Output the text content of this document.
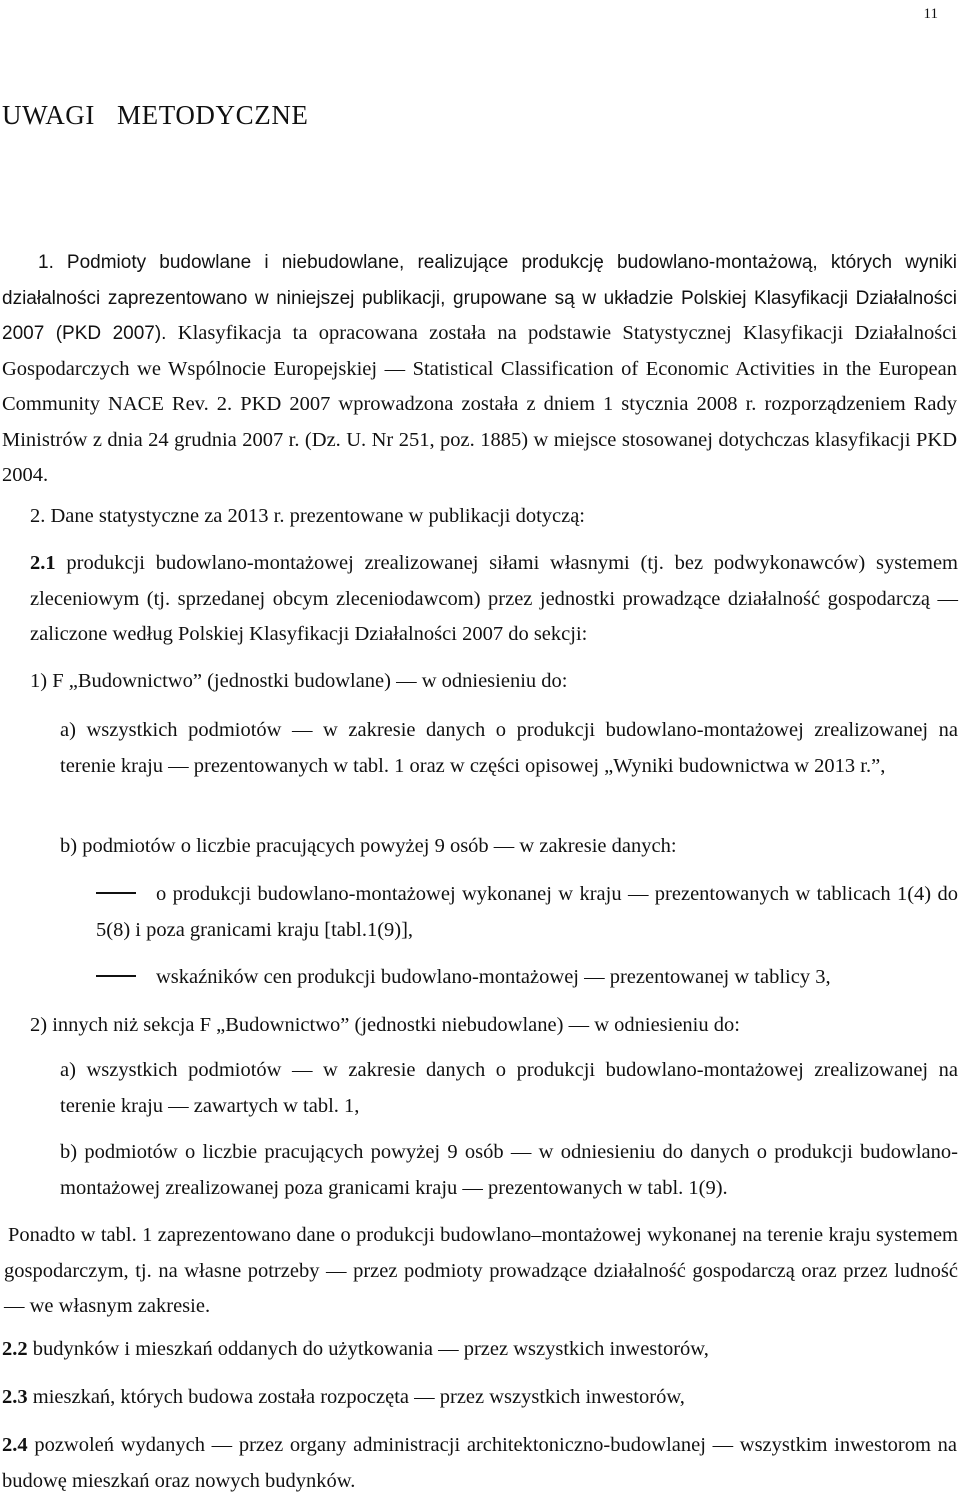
11
UWAGI   METODYCZNE
1. Podmioty budowlane i niebudowlane, realizujące produkcję budowlano-montażową, których wyniki działalności zaprezentowano w niniejszej publikacji, grupowane są w układzie Polskiej Klasyfikacji Działalności 2007 (PKD 2007). Klasyfikacja ta opracowana została na podstawie Statystycznej Klasyfikacji Działalności Gospodarczych we Wspólnocie Europejskiej — Statistical Classification of Economic Activities in the European Community NACE Rev. 2. PKD 2007 wprowadzona została z dniem 1 stycznia 2008 r. rozporządzeniem Rady Ministrów z dnia 24 grudnia 2007 r. (Dz. U. Nr 251, poz. 1885) w miejsce stosowanej dotychczas klasyfikacji PKD 2004.
2. Dane statystyczne za 2013 r. prezentowane w publikacji dotyczą:
2.1 produkcji budowlano-montażowej zrealizowanej siłami własnymi (tj. bez podwykonawców) systemem zleceniowym (tj. sprzedanej obcym zleceniodawcom) przez jednostki prowadzące działalność gospodarczą — zaliczone według Polskiej Klasyfikacji Działalności 2007 do sekcji:
1) F „Budownictwo” (jednostki budowlane) — w odniesieniu do:
a) wszystkich podmiotów — w zakresie danych o produkcji budowlano-montażowej zrealizowanej na terenie kraju — prezentowanych w tabl. 1 oraz w części opisowej „Wyniki budownictwa w 2013 r.”,
b) podmiotów o liczbie pracujących powyżej 9 osób — w zakresie danych:
o produkcji budowlano-montażowej wykonanej w kraju — prezentowanych w tablicach 1(4) do 5(8) i poza granicami kraju [tabl.1(9)],
wskaźników cen produkcji budowlano-montażowej — prezentowanej w tablicy 3,
2) innych niż sekcja F „Budownictwo” (jednostki niebudowlane) — w odniesieniu do:
a) wszystkich podmiotów — w zakresie danych o produkcji budowlano-montażowej zrealizowanej na terenie kraju — zawartych w tabl. 1,
b) podmiotów o liczbie pracujących powyżej 9 osób — w odniesieniu do danych o produkcji budowlano-montażowej zrealizowanej poza granicami kraju — prezentowanych w tabl. 1(9).
Ponadto w tabl. 1 zaprezentowano dane o produkcji budowlano–montażowej wykonanej na terenie kraju systemem gospodarczym, tj. na własne potrzeby — przez podmioty prowadzące działalność gospodarczą oraz przez ludność — we własnym zakresie.
2.2 budynków i mieszkań oddanych do użytkowania — przez wszystkich inwestorów,
2.3 mieszkań, których budowa została rozpoczęta — przez wszystkich inwestorów,
2.4 pozwoleń wydanych — przez organy administracji architektoniczno-budowlanej — wszystkim inwestorom na budowę mieszkań oraz nowych budynków.
